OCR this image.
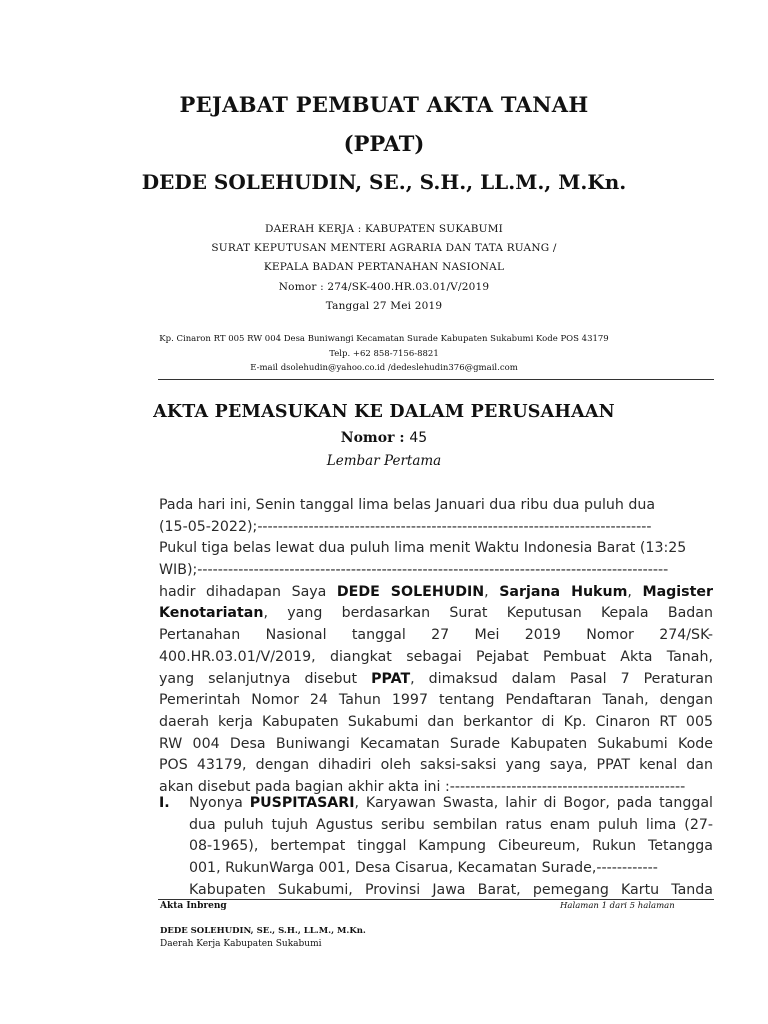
PEJABAT PEMBUAT AKTA TANAH
(PPAT)
DEDE SOLEHUDIN, SE., S.H., LL.M., M.Kn.
DAERAH KERJA : KABUPATEN SUKABUMI
SURAT KEPUTUSAN MENTERI AGRARIA DAN TATA RUANG /
KEPALA BADAN PERTANAHAN NASIONAL
Nomor : 274/SK-400.HR.03.01/V/2019
Tanggal 27 Mei 2019
Kp. Cinaron RT 005 RW 004 Desa Buniwangi Kecamatan Surade Kabupaten Sukabumi Kode POS 43179
Telp. +62 858-7156-8821
E-mail dsolehudin@yahoo.co.id /dedeslehudin376@gmail.com
AKTA PEMASUKAN KE DALAM PERUSAHAAN
Nomor : 45
Lembar Pertama
Pada hari ini, Senin tanggal lima belas Januari dua ribu dua puluh dua
(15-05-2022);-----------------------------------------------------------------------------
Pukul tiga belas lewat dua puluh lima menit Waktu Indonesia Barat (13:25
WIB);--------------------------------------------------------------------------------------------
hadir dihadapan Saya DEDE SOLEHUDIN, Sarjana Hukum, Magister
Kenotariatan, yang berdasarkan Surat Keputusan Kepala Badan
Pertanahan Nasional tanggal 27 Mei 2019 Nomor 274/SK-
400.HR.03.01/V/2019, diangkat sebagai Pejabat Pembuat Akta Tanah,
yang selanjutnya disebut PPAT, dimaksud dalam Pasal 7 Peraturan
Pemerintah Nomor 24 Tahun 1997 tentang Pendaftaran Tanah, dengan
daerah kerja Kabupaten Sukabumi dan berkantor di Kp. Cinaron RT 005
RW 004 Desa Buniwangi Kecamatan Surade Kabupaten Sukabumi Kode
POS 43179, dengan dihadiri oleh saksi-saksi yang saya, PPAT kenal dan
akan disebut pada bagian akhir akta ini :----------------------------------------------
I. Nyonya PUSPITASARI, Karyawan Swasta, lahir di Bogor, pada tanggal
dua puluh tujuh Agustus seribu sembilan ratus enam puluh lima (27-
08-1965), bertempat tinggal Kampung Cibeureum, Rukun Tetangga
001, RukunWarga 001, Desa Cisarua, Kecamatan Surade,------------
Kabupaten Sukabumi, Provinsi Jawa Barat, pemegang Kartu Tanda
Akta Inbreng	Halaman 1 dari 5 halaman
DEDE SOLEHUDIN, SE., S.H., LL.M., M.Kn.
Daerah Kerja Kabupaten Sukabumi
